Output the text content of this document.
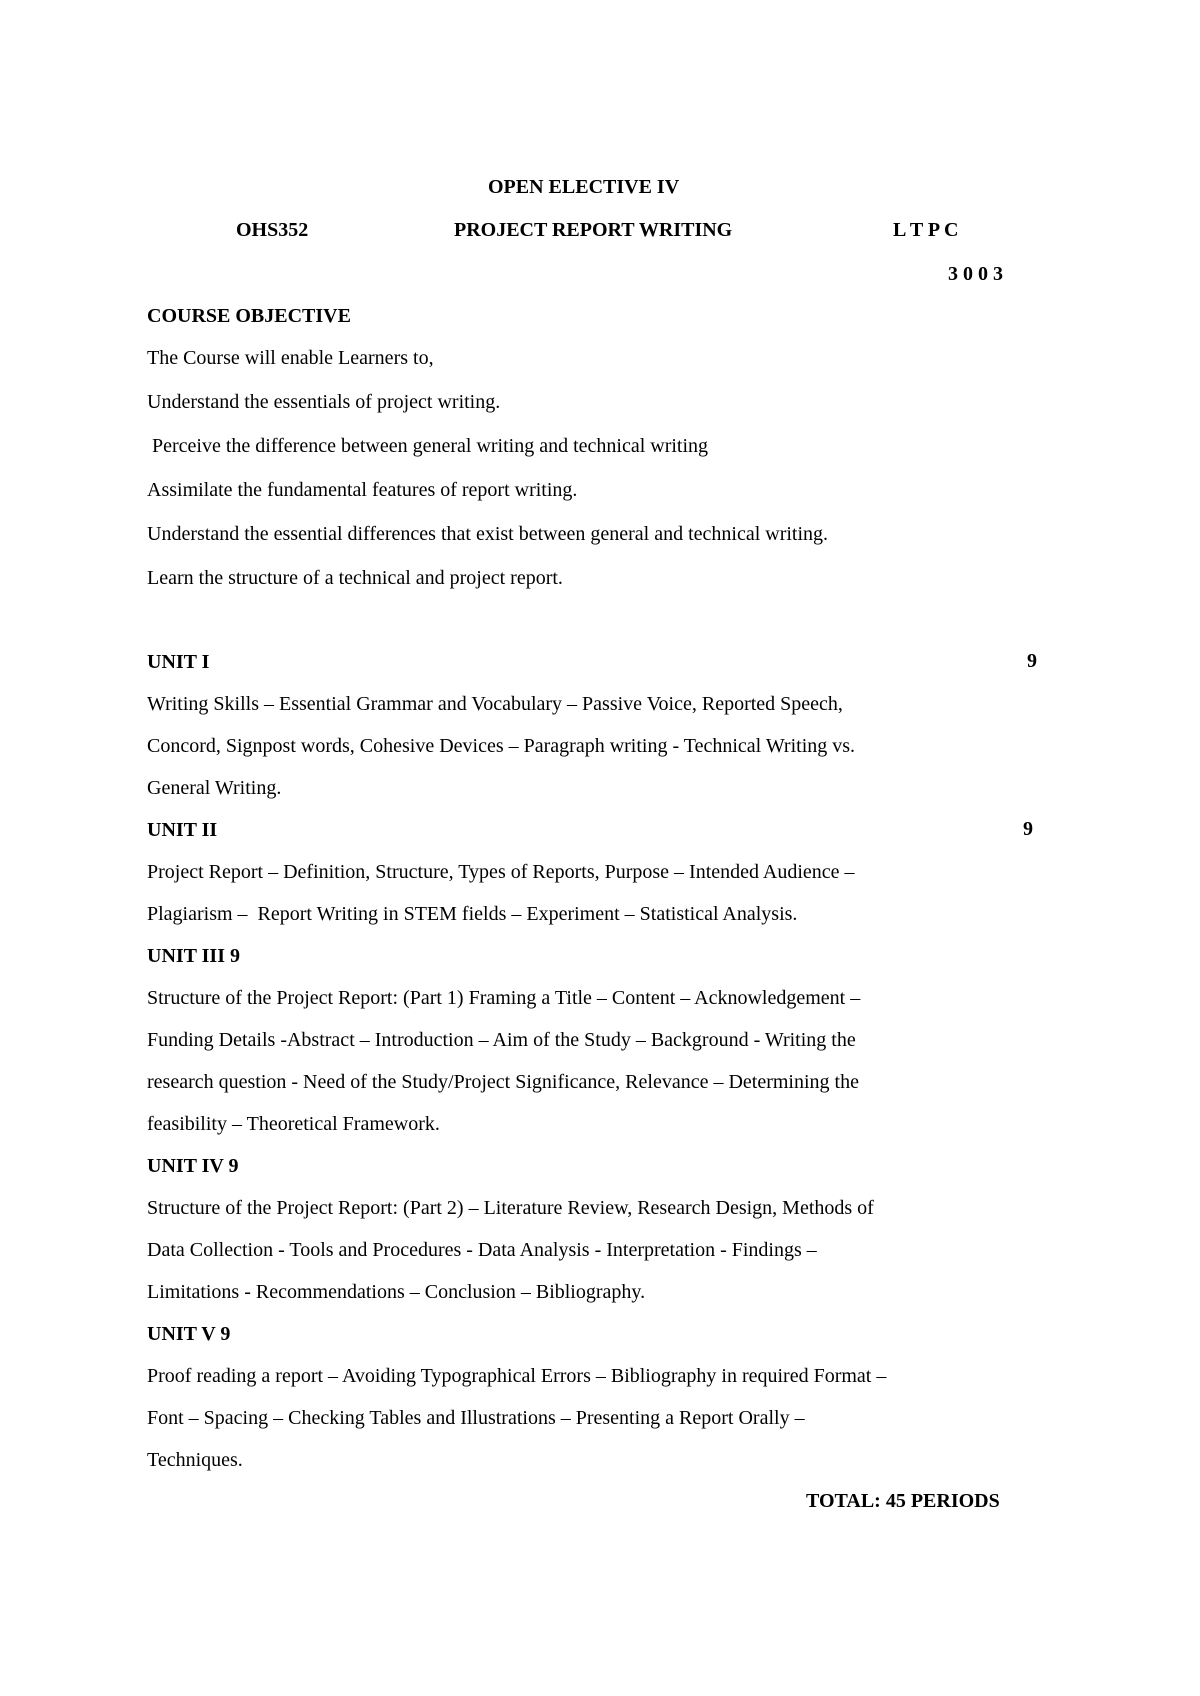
OPEN ELECTIVE IV
OHS352	PROJECT REPORT WRITING	L T P C
3 0 0 3
COURSE OBJECTIVE
The Course will enable Learners to,
Understand the essentials of project writing.
Perceive the difference between general writing and technical writing
Assimilate the fundamental features of report writing.
Understand the essential differences that exist between general and technical writing.
Learn the structure of a technical and project report.
UNIT I	9
Writing Skills – Essential Grammar and Vocabulary – Passive Voice, Reported Speech,
Concord, Signpost words, Cohesive Devices – Paragraph writing - Technical Writing vs.
General Writing.
UNIT II	9
Project Report – Definition, Structure, Types of Reports, Purpose – Intended Audience –
Plagiarism –  Report Writing in STEM fields – Experiment – Statistical Analysis.
UNIT III 9
Structure of the Project Report: (Part 1) Framing a Title – Content – Acknowledgement –
Funding Details -Abstract – Introduction – Aim of the Study – Background - Writing the
research question - Need of the Study/Project Significance, Relevance – Determining the
feasibility – Theoretical Framework.
UNIT IV 9
Structure of the Project Report: (Part 2) – Literature Review, Research Design, Methods of
Data Collection - Tools and Procedures - Data Analysis - Interpretation - Findings –
Limitations - Recommendations – Conclusion – Bibliography.
UNIT V 9
Proof reading a report – Avoiding Typographical Errors – Bibliography in required Format –
Font – Spacing – Checking Tables and Illustrations – Presenting a Report Orally –
Techniques.
TOTAL: 45 PERIODS
